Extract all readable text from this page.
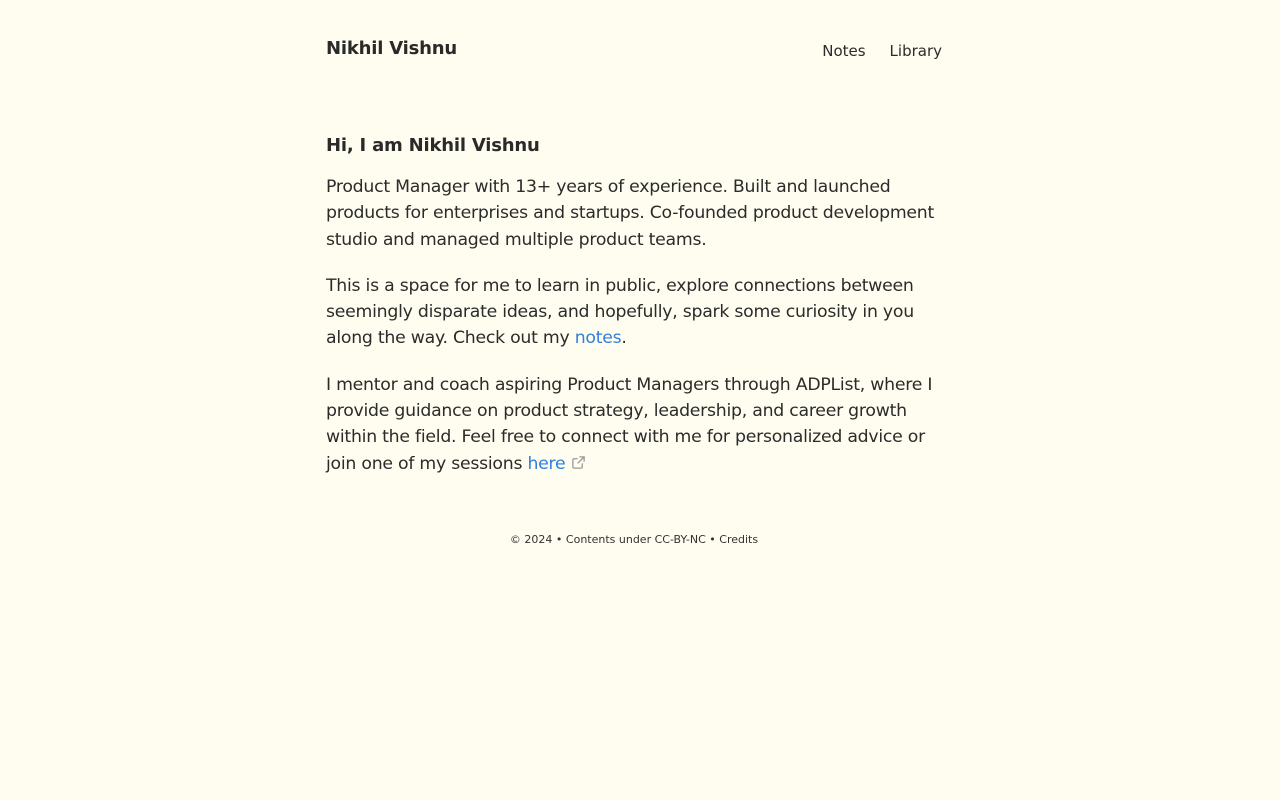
Nikhil Vishnu	Notes Library
Hi, I am Nikhil Vishnu

Product Manager with 13+ years of experience. Built and launched products for enterprises and startups. Co-founded product development studio and managed multiple product teams.

This is a space for me to learn in public, explore connections between seemingly disparate ideas, and hopefully, spark some curiosity in you along the way. Check out my notes.

I mentor and coach aspiring Product Managers through ADPList, where I provide guidance on product strategy, leadership, and career growth within the field. Feel free to connect with me for personalized advice or join one of my sessions here

© 2024 • Contents under CC-BY-NC • Credits
